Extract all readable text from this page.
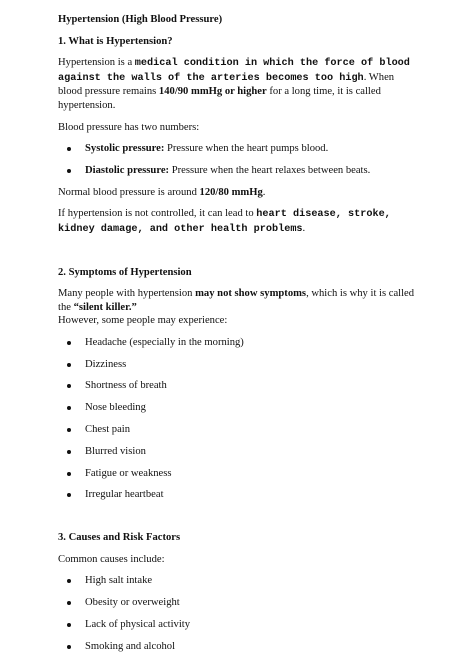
Hypertension (High Blood Pressure)
1. What is Hypertension?
Hypertension is a medical condition in which the force of blood against the walls of the arteries becomes too high. When blood pressure remains 140/90 mmHg or higher for a long time, it is called hypertension.
Blood pressure has two numbers:
Systolic pressure: Pressure when the heart pumps blood.
Diastolic pressure: Pressure when the heart relaxes between beats.
Normal blood pressure is around 120/80 mmHg.
If hypertension is not controlled, it can lead to heart disease, stroke, kidney damage, and other health problems.
2. Symptoms of Hypertension
Many people with hypertension may not show symptoms, which is why it is called the “silent killer.”
However, some people may experience:
Headache (especially in the morning)
Dizziness
Shortness of breath
Nose bleeding
Chest pain
Blurred vision
Fatigue or weakness
Irregular heartbeat
3. Causes and Risk Factors
Common causes include:
High salt intake
Obesity or overweight
Lack of physical activity
Smoking and alcohol
